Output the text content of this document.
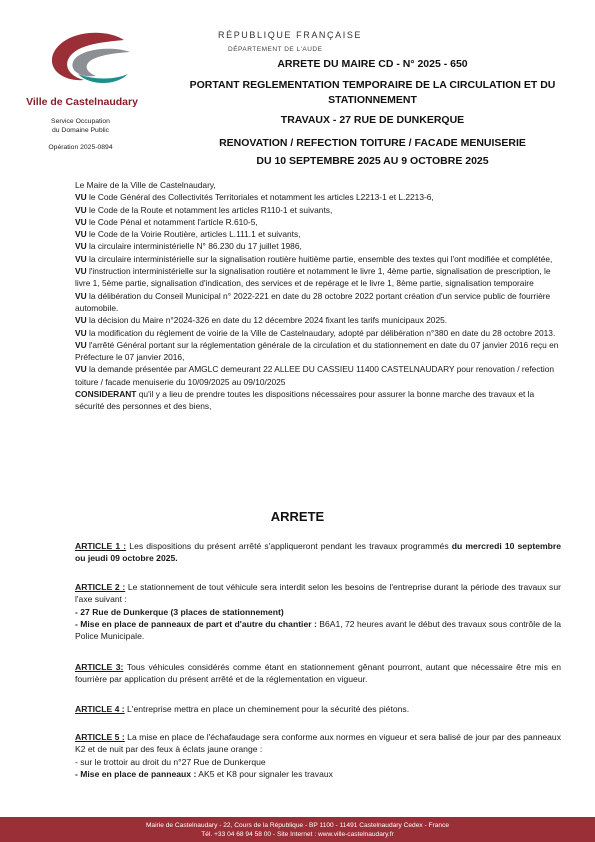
Ville de Castelnaudary
Service Occupation
du Domaine Public
Opération 2025-0894
RÉPUBLIQUE FRANÇAISE
DÉPARTEMENT DE L'AUDE
ARRETE DU MAIRE CD - N° 2025 - 650
PORTANT REGLEMENTATION TEMPORAIRE DE LA CIRCULATION ET DU
STATIONNEMENT
TRAVAUX - 27 RUE DE DUNKERQUE
RENOVATION / REFECTION TOITURE / FACADE MENUISERIE
DU 10 SEPTEMBRE 2025 AU 9 OCTOBRE 2025

Le Maire de la Ville de Castelnaudary,

VU le Code Général des Collectivités Territoriales et notamment les articles L2213-1 et L.2213-6,

VU le Code de la Route et notamment les articles R110-1 et suivants,

VU le Code Pénal et notamment l'article R.610-5,

VU le Code de la Voirie Routière, articles L.111.1 et suivants,

VU la circulaire interministérielle N° 86.230 du 17 juillet 1986,

VU la circulaire interministérielle sur la signalisation routière huitième partie, ensemble des textes qui l'ont modifiée et complétée,

VU l'instruction interministérielle sur la signalisation routière et notamment le livre 1, 4ème partie, signalisation de prescription, le livre 1, 5ème partie, signalisation d'indication, des services et de repérage et le livre 1, 8ème partie, signalisation temporaire

VU la délibération du Conseil Municipal n° 2022-221 en date du 28 octobre 2022 portant création d'un service public de fourrière automobile.

VU la décision du Maire n°2024-326 en date du 12 décembre 2024 fixant les tarifs municipaux 2025.

VU la modification du règlement de voirie de la Ville de Castelnaudary, adopté par délibération n°380 en date du 28 octobre 2013.

VU l'arrêté Général portant sur la réglementation générale de la circulation et du stationnement en date du 07 janvier 2016 reçu en Préfecture le 07 janvier 2016,

VU la demande présentée par AMGLC demeurant 22 ALLEE DU CASSIEU 11400 CASTELNAUDARY pour renovation / refection toiture / facade menuiserie du 10/09/2025 au 09/10/2025

CONSIDERANT qu'il y a lieu de prendre toutes les dispositions nécessaires pour assurer la bonne marche des travaux et la sécurité des personnes et des biens,

ARRETE

ARTICLE 1 : Les dispositions du présent arrêté s'appliqueront pendant les travaux programmés du mercredi 10 septembre ou jeudi 09 octobre 2025.

ARTICLE 2 : Le stationnement de tout véhicule sera interdit selon les besoins de l'entreprise durant la période des travaux sur l'axe suivant :

- 27 Rue de Dunkerque (3 places de stationnement)

- Mise en place de panneaux de part et d'autre du chantier : B6A1, 72 heures avant le début des travaux sous contrôle de la Police Municipale.

ARTICLE 3: Tous véhicules considérés comme étant en stationnement gênant pourront, autant que nécessaire être mis en fourrière par application du présent arrêté et de la réglementation en vigueur.

ARTICLE 4 : L'entreprise mettra en place un cheminement pour la sécurité des piétons.

ARTICLE 5 : La mise en place de l'échafaudage sera conforme aux normes en vigueur et sera balisé de jour par des panneaux K2 et de nuit par des feux à éclats jaune orange :

- sur le trottoir au droit du n°27 Rue de Dunkerque

- Mise en place de panneaux : AK5 et K8 pour signaler les travaux

Mairie de Castelnaudary - 22, Cours de la République - BP 1100 - 11491 Castelnaudary Cedex - France
Tél. +33 04 68 94 58 00 - Site Internet : www.ville-castelnaudary.fr
